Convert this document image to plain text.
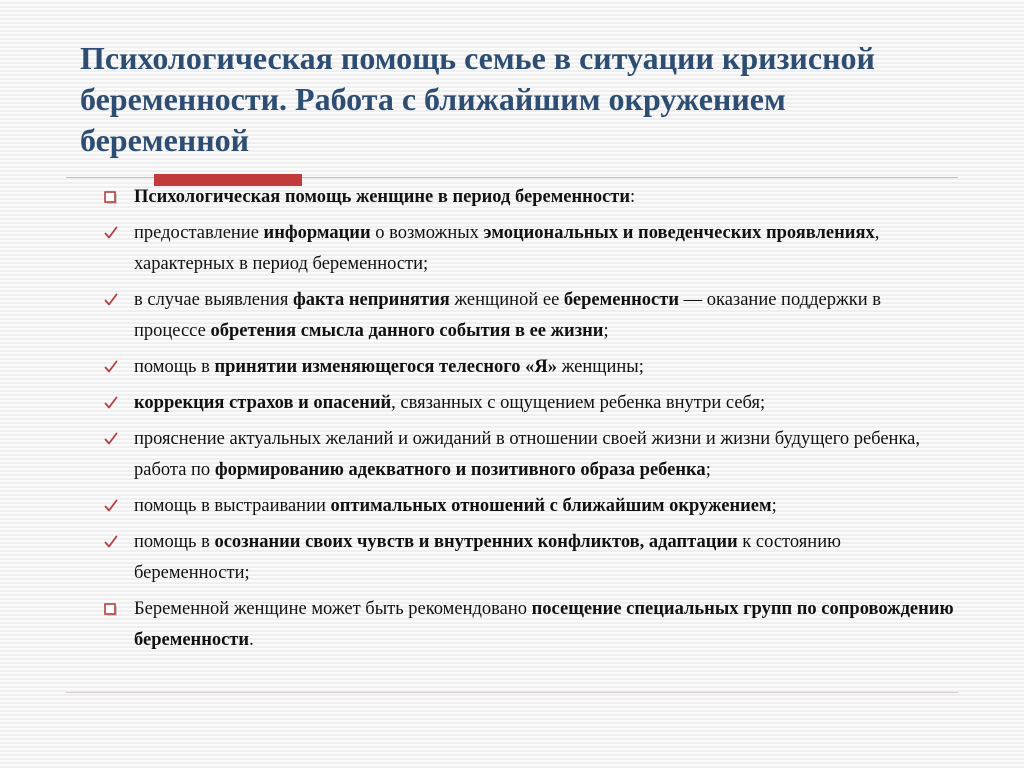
Психологическая помощь семье в ситуации кризисной беременности. Работа с ближайшим окружением беременной
Психологическая помощь женщине в период беременности:
предоставление информации о возможных эмоциональных и поведенческих проявлениях, характерных в период беременности;
в случае выявления факта непринятия женщиной ее беременности — оказание поддержки в процессе обретения смысла данного события в ее жизни;
помощь в принятии изменяющегося телесного «Я» женщины;
коррекция страхов и опасений, связанных с ощущением ребенка внутри себя;
прояснение актуальных желаний и ожиданий в отношении своей жизни и жизни будущего ребенка, работа по формированию адекватного и позитивного образа ребенка;
помощь в выстраивании оптимальных отношений с ближайшим окружением;
помощь в осознании своих чувств и внутренних конфликтов, адаптации к состоянию беременности;
Беременной женщине может быть рекомендовано посещение специальных групп по сопровождению беременности.
